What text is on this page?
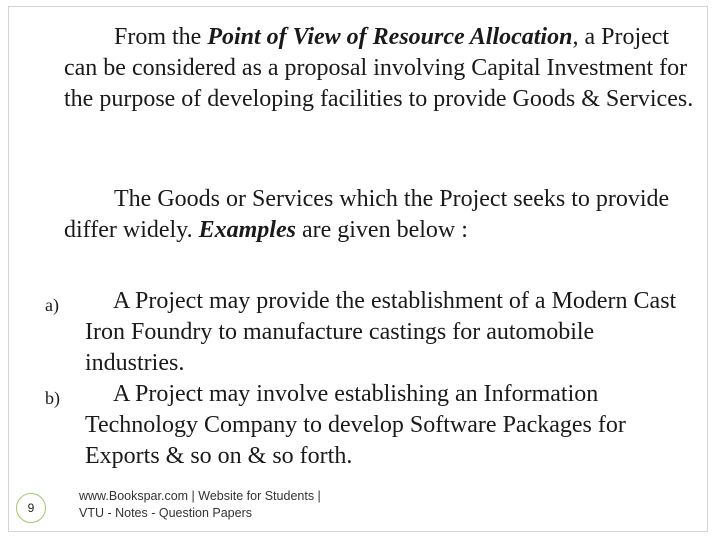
From the Point of View of Resource Allocation, a Project can be considered as a proposal involving Capital Investment for the purpose of developing facilities to provide Goods & Services.

The Goods or Services which the Project seeks to provide differ widely. Examples are given below :

a) A Project may provide the establishment of a Modern Cast Iron Foundry to manufacture castings for automobile industries.
b) A Project may involve establishing an Information Technology Company to develop Software Packages for Exports & so on & so forth.
9
www.Bookspar.com | Website for Students |
VTU - Notes - Question Papers
